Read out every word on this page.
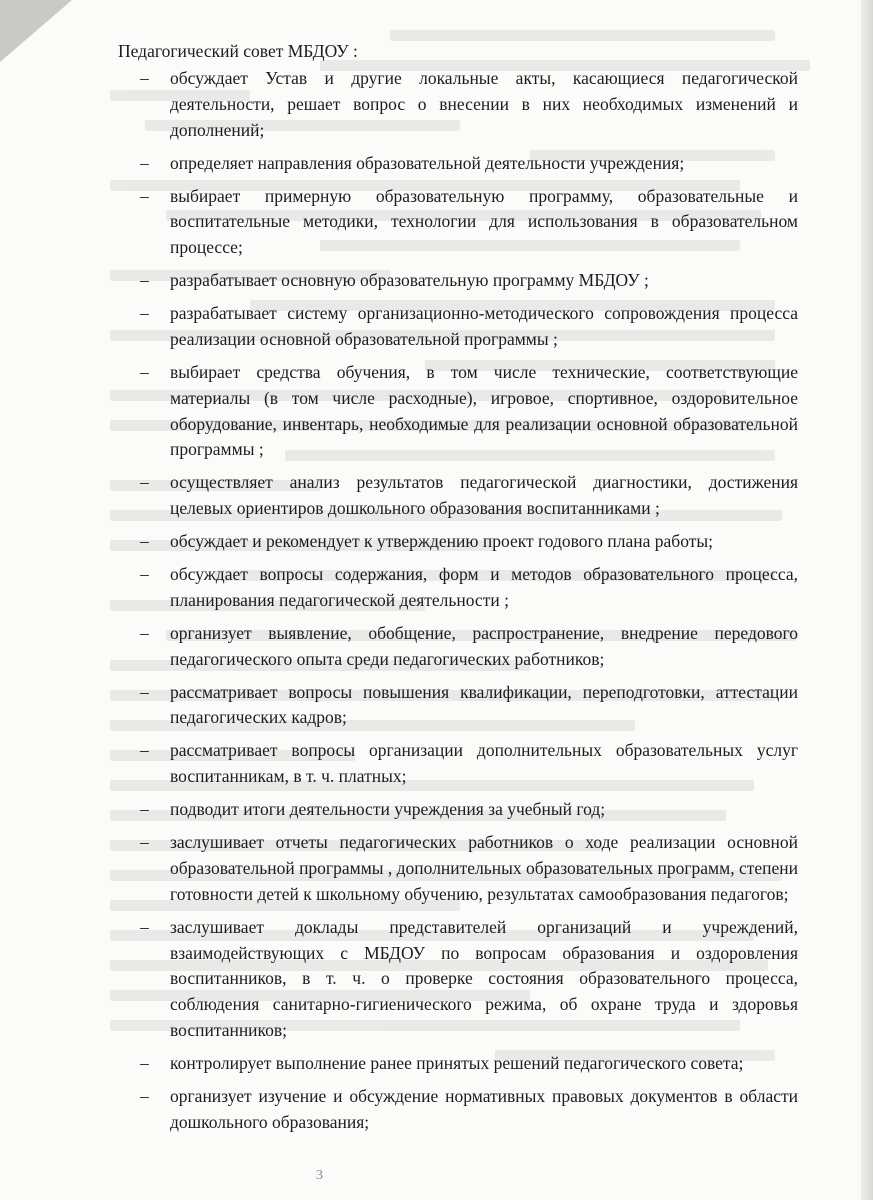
Педагогический совет МБДОУ :
– обсуждает Устав и другие локальные акты, касающиеся педагогической деятельности, решает вопрос о внесении в них необходимых изменений и дополнений;
– определяет направления образовательной деятельности учреждения;
– выбирает примерную образовательную программу, образовательные и воспитательные методики, технологии для использования в образовательном процессе;
– разрабатывает основную образовательную программу МБДОУ ;
– разрабатывает систему организационно-методического сопровождения процесса реализации основной образовательной программы ;
– выбирает средства обучения, в том числе технические, соответствующие материалы (в том числе расходные), игровое, спортивное, оздоровительное оборудование, инвентарь, необходимые для реализации основной образовательной программы ;
– осуществляет анализ результатов педагогической диагностики, достижения целевых ориентиров дошкольного образования воспитанниками ;
– обсуждает и рекомендует к утверждению проект годового плана работы;
– обсуждает вопросы содержания, форм и методов образовательного процесса, планирования педагогической деятельности ;
– организует выявление, обобщение, распространение, внедрение передового педагогического опыта среди педагогических работников;
– рассматривает вопросы повышения квалификации, переподготовки, аттестации педагогических кадров;
– рассматривает вопросы организации дополнительных образовательных услуг воспитанникам, в т. ч. платных;
– подводит итоги деятельности учреждения за учебный год;
– заслушивает отчеты педагогических работников о ходе реализации основной образовательной программы , дополнительных образовательных программ, степени готовности детей к школьному обучению, результатах самообразования педагогов;
– заслушивает доклады представителей организаций и учреждений, взаимодействующих с МБДОУ по вопросам образования и оздоровления воспитанников, в т. ч. о проверке состояния образовательного процесса, соблюдения санитарно-гигиенического режима, об охране труда и здоровья воспитанников;
– контролирует выполнение ранее принятых решений педагогического совета;
– организует изучение и обсуждение нормативных правовых документов в области дошкольного образования;
3
